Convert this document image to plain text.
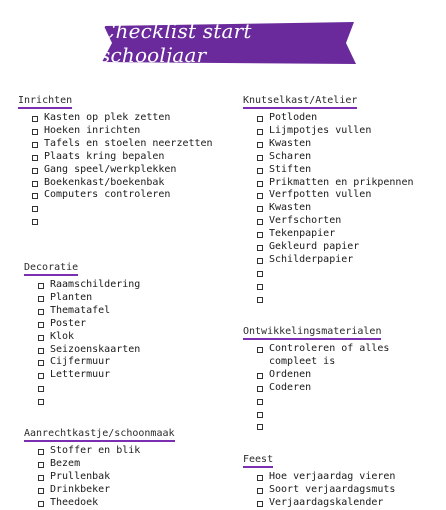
Checklist start schooljaar
Inrichten
Kasten op plek zetten
Hoeken inrichten
Tafels en stoelen neerzetten
Plaats kring bepalen
Gang speel/werkplekken
Boekenkast/boekenbak
Computers controleren
Decoratie
Raamschildering
Planten
Thematafel
Poster
Klok
Seizoenskaarten
Cijfermuur
Lettermuur
Aanrechtkastje/schoonmaak
Stoffer en blik
Bezem
Prullenbak
Drinkbeker
Theedoek
Knutselkast/Atelier
Potloden
Lijmpotjes vullen
Kwasten
Scharen
Stiften
Prikmatten en prikpennen
Verfpotten vullen
Kwasten
Verfschorten
Tekenpapier
Gekleurd papier
Schilderpapier
Ontwikkelingsmaterialen
Controleren of alles compleet is
Ordenen
Coderen
Feest
Hoe verjaardag vieren
Soort verjaardagsmuts
Verjaardagskalender
